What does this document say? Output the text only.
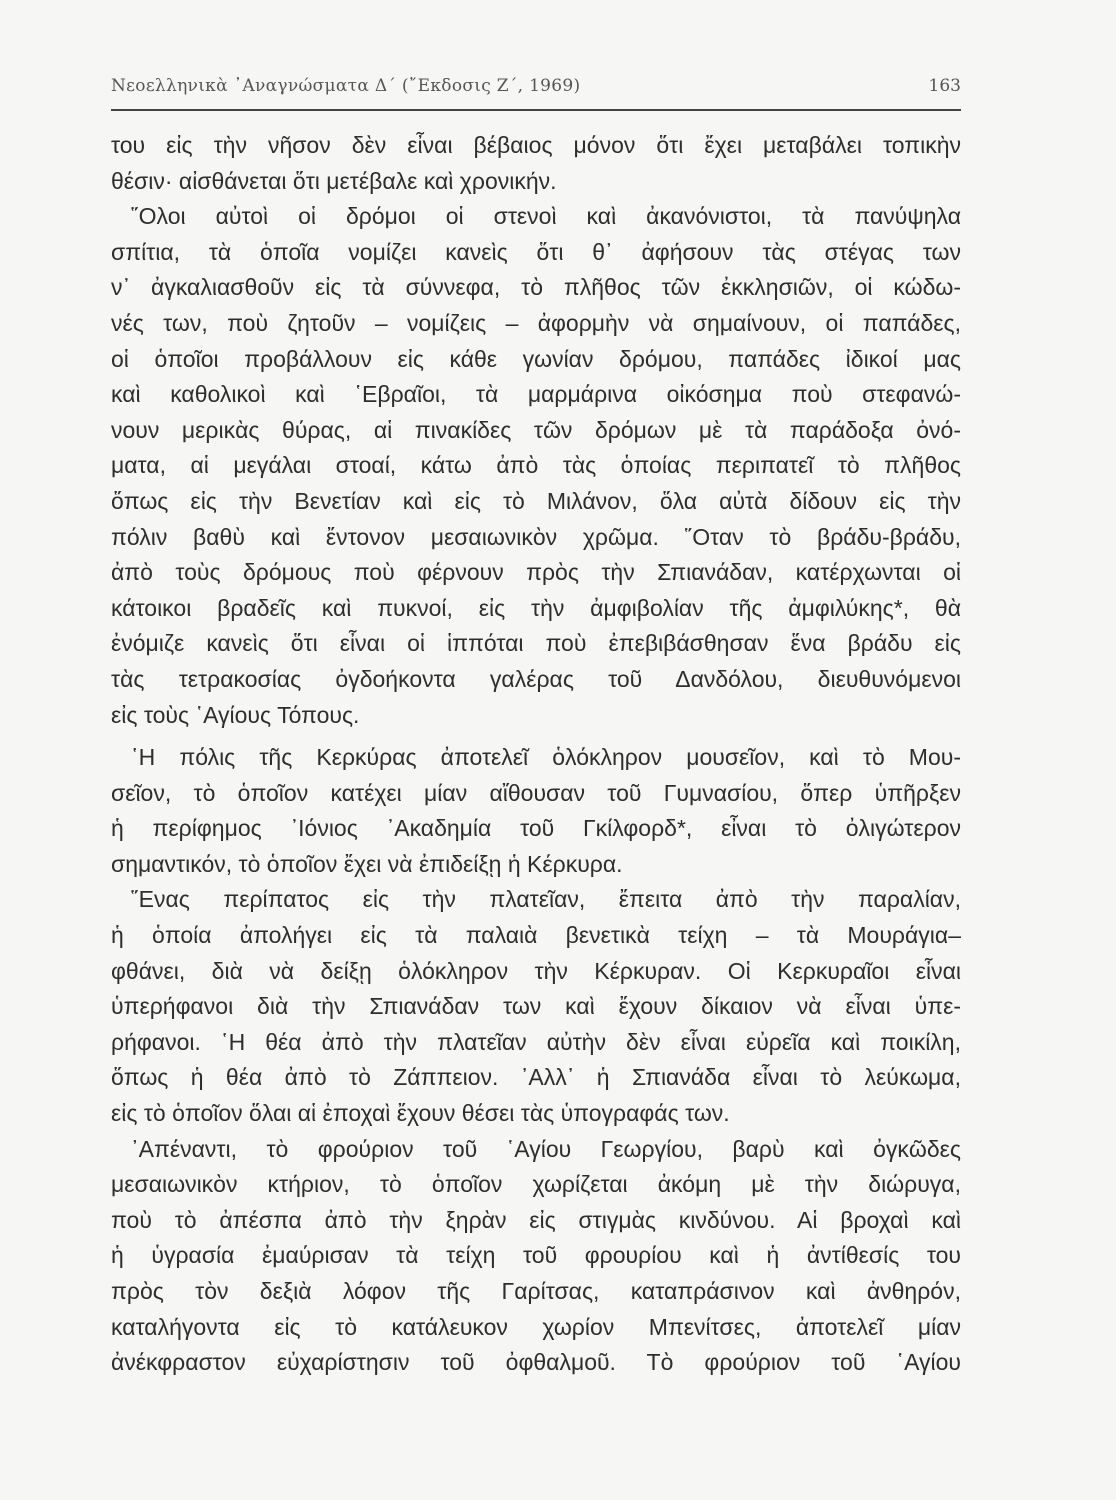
Νεοελληνικὰ ᾽Αναγνώσματα Δ΄ (῎Εκδοσις Ζ΄, 1969)	163
του εἰς τὴν νῆσον δὲν εἶναι βέβαιος μόνον ὅτι ἔχει μεταβάλει τοπικὴν
θέσιν· αἰσθάνεται ὅτι μετέβαλε καὶ χρονικήν.
῞Ολοι αὐτοὶ οἱ δρόμοι οἱ στενοὶ καὶ ἀκανόνιστοι, τὰ πανύψηλα
σπίτια, τὰ ὁποῖα νομίζει κανεὶς ὅτι θ᾽ ἀφήσουν τὰς στέγας των
ν᾽ ἀγκαλιασθοῦν εἰς τὰ σύννεφα, τὸ πλῆθος τῶν ἐκκλησιῶν, οἱ κώδω-
νές των, ποὺ ζητοῦν – νομίζεις – ἀφορμὴν νὰ σημαίνουν, οἱ παπάδες,
οἱ ὁποῖοι προβάλλουν εἰς κάθε γωνίαν δρόμου, παπάδες ἰδικοί μας
καὶ καθολικοὶ καὶ ῾Εβραῖοι, τὰ μαρμάρινα οἰκόσημα ποὺ στεφανώ-
νουν μερικὰς θύρας, αἱ πινακίδες τῶν δρόμων μὲ τὰ παράδοξα ὀνό-
ματα, αἱ μεγάλαι στοαί, κάτω ἀπὸ τὰς ὁποίας περιπατεῖ τὸ πλῆθος
ὅπως εἰς τὴν Βενετίαν καὶ εἰς τὸ Μιλάνον, ὅλα αὐτὰ δίδουν εἰς τὴν
πόλιν βαθὺ καὶ ἔντονον μεσαιωνικὸν χρῶμα. ῞Οταν τὸ βράδυ-βράδυ,
ἀπὸ τοὺς δρόμους ποὺ φέρνουν πρὸς τὴν Σπιανάδαν, κατέρχωνται οἱ
κάτοικοι βραδεῖς καὶ πυκνοί, εἰς τὴν ἀμφιβολίαν τῆς ἀμφιλύκης*, θὰ
ἐνόμιζε κανεὶς ὅτι εἶναι οἱ ἱππόται ποὺ ἐπεβιβάσθησαν ἕνα βράδυ εἰς
τὰς τετρακοσίας ὀγδοήκοντα γαλέρας τοῦ Δανδόλου, διευθυνόμενοι
εἰς τοὺς ῾Αγίους Τόπους.
῾Η πόλις τῆς Κερκύρας ἀποτελεῖ ὁλόκληρον μουσεῖον, καὶ τὸ Μου-
σεῖον, τὸ ὁποῖον κατέχει μίαν αἴθουσαν τοῦ Γυμνασίου, ὅπερ ὑπῆρξεν
ἡ περίφημος ᾽Ιόνιος ᾽Ακαδημία τοῦ Γκίλφορδ*, εἶναι τὸ ὀλιγώτερον
σημαντικόν, τὸ ὁποῖον ἔχει νὰ ἐπιδείξῃ ἡ Κέρκυρα.
῞Ενας περίπατος εἰς τὴν πλατεῖαν, ἔπειτα ἀπὸ τὴν παραλίαν,
ἡ ὁποία ἀπολήγει εἰς τὰ παλαιὰ βενετικὰ τείχη – τὰ Μουράγια–
φθάνει, διὰ νὰ δείξῃ ὁλόκληρον τὴν Κέρκυραν. Οἱ Κερκυραῖοι εἶναι
ὑπερήφανοι διὰ τὴν Σπιανάδαν των καὶ ἔχουν δίκαιον νὰ εἶναι ὑπε-
ρήφανοι. ῾Η θέα ἀπὸ τὴν πλατεῖαν αὐτὴν δὲν εἶναι εὐρεῖα καὶ ποικίλη,
ὅπως ἡ θέα ἀπὸ τὸ Ζάππειον. ᾽Αλλ᾽ ἡ Σπιανάδα εἶναι τὸ λεύκωμα,
εἰς τὸ ὁποῖον ὅλαι αἱ ἐποχαὶ ἔχουν θέσει τὰς ὑπογραφάς των.
᾽Απέναντι, τὸ φρούριον τοῦ ῾Αγίου Γεωργίου, βαρὺ καὶ ὀγκῶδες
μεσαιωνικὸν κτήριον, τὸ ὁποῖον χωρίζεται ἀκόμη μὲ τὴν διώρυγα,
ποὺ τὸ ἀπέσπα ἀπὸ τὴν ξηρὰν εἰς στιγμὰς κινδύνου. Αἱ βροχαὶ καὶ
ἡ ὑγρασία ἐμαύρισαν τὰ τείχη τοῦ φρουρίου καὶ ἡ ἀντίθεσίς του
πρὸς τὸν δεξιὰ λόφον τῆς Γαρίτσας, καταπράσινον καὶ ἀνθηρόν,
καταλήγοντα εἰς τὸ κατάλευκον χωρίον Μπενίτσες, ἀποτελεῖ μίαν
ἀνέκφραστον εὐχαρίστησιν τοῦ ὀφθαλμοῦ. Τὸ φρούριον τοῦ ῾Αγίου
